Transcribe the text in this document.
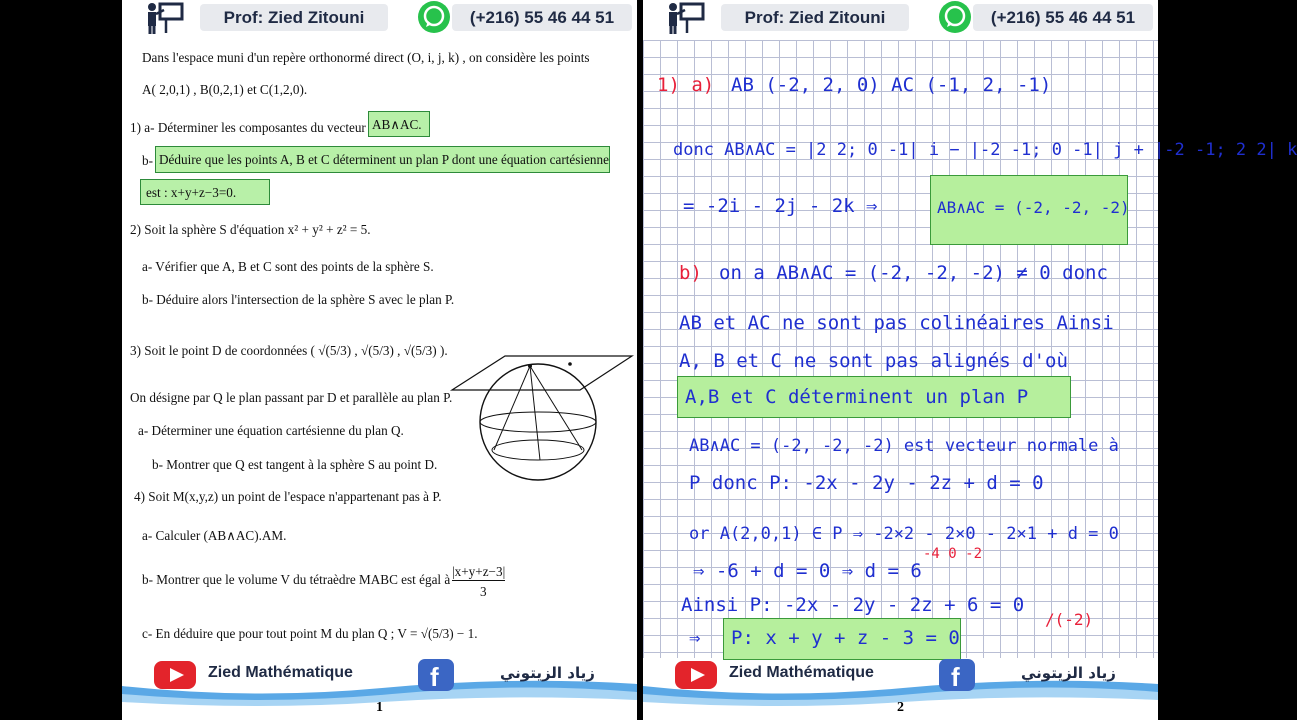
Prof: Zied Zitouni	(+216) 55 46 44 51
Dans l'espace muni d'un repère orthonormé direct (O, i, j, k) , on considère les points
A( 2,0,1) , B(0,2,1) et C(1,2,0).
1) a- Déterminer les composantes du vecteur AB∧AC.
b- Déduire que les points A, B et C déterminent un plan P dont une équation cartésienne
est : x+y+z−3=0.
2) Soit la sphère S d'équation x² + y² + z² = 5.
a- Vérifier que A, B et C sont des points de la sphère S.
b- Déduire alors l'intersection de la sphère S avec le plan P.
3) Soit le point D de coordonnées ( √(5/3) , √(5/3) , √(5/3) ).
On désigne par Q le plan passant par D et parallèle au plan P.
a- Déterminer une équation cartésienne du plan Q.
b- Montrer que Q est tangent à la sphère S au point D.
4) Soit M(x,y,z) un point de l'espace n'appartenant pas à P.
a- Calculer (AB∧AC).AM.
b- Montrer que le volume V du tétraèdre MABC est égal à
|x+y+z−3|
3
c- En déduire que pour tout point M du plan Q ; V = √(5/3) − 1.
Zied Mathématique	f	زياد الزيتوني
1
Prof: Zied Zitouni	(+216) 55 46 44 51
1) a) AB (-2, 2, 0) AC (-1, 2, -1)
donc AB∧AC = |2 2; 0 -1| i − |-2 -1; 0 -1| j + |-2 -1; 2 2| k
= -2i - 2j - 2k ⇒	AB∧AC = (-2, -2, -2)
b) on a AB∧AC = (-2, -2, -2) ≠ 0 donc
AB et AC ne sont pas colinéaires Ainsi
A, B et C ne sont pas alignés d'où
A,B et C déterminent un plan P
AB∧AC = (-2, -2, -2) est vecteur normale à
P donc P: -2x - 2y - 2z + d = 0
or A(2,0,1) ∈ P ⇒ -2×2 - 2×0 - 2×1 + d = 0
-4 0 -2
⇒ -6 + d = 0 ⇒ d = 6
Ainsi P: -2x - 2y - 2z + 6 = 0
/(-2)
⇒ P: x + y + z - 3 = 0
Zied Mathématique	f	زياد الزيتوني
2
